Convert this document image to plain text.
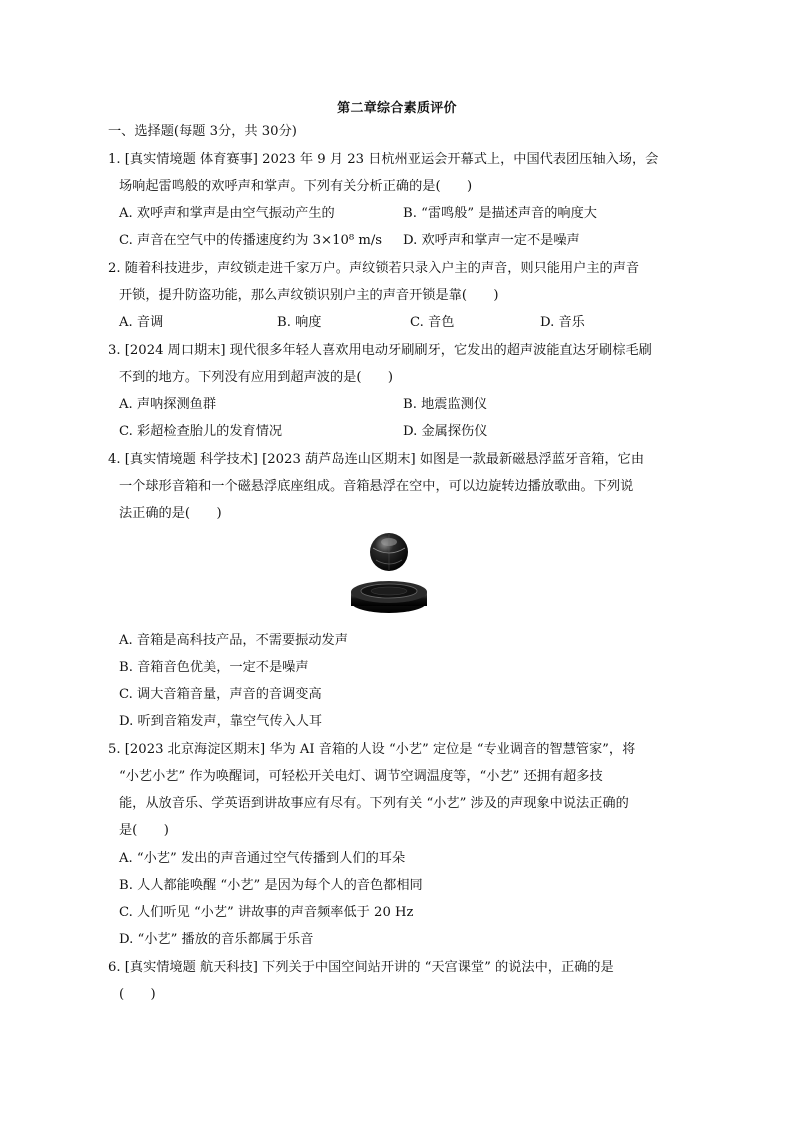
第二章综合素质评价
一、选择题(每题 3分，共 30分)
1. [真实情境题 体育赛事] 2023 年 9 月 23 日杭州亚运会开幕式上，中国代表团压轴入场，会
场响起雷鸣般的欢呼声和掌声。下列有关分析正确的是(　　)
A. 欢呼声和掌声是由空气振动产生的	B. “雷鸣般” 是描述声音的响度大
C. 声音在空气中的传播速度约为 3×10⁸ m/s D. 欢呼声和掌声一定不是噪声
2. 随着科技进步，声纹锁走进千家万户。声纹锁若只录入户主的声音，则只能用户主的声音
开锁，提升防盗功能，那么声纹锁识别户主的声音开锁是靠(　　)
A. 音调	B. 响度	C. 音色	D. 音乐
3. [2024 周口期末] 现代很多年轻人喜欢用电动牙刷刷牙，它发出的超声波能直达牙刷棕毛刷
不到的地方。下列没有应用到超声波的是(　　)
A. 声呐探测鱼群	B. 地震监测仪
C. 彩超检查胎儿的发育情况	D. 金属探伤仪
4. [真实情境题 科学技术] [2023 葫芦岛连山区期末] 如图是一款最新磁悬浮蓝牙音箱，它由
一个球形音箱和一个磁悬浮底座组成。音箱悬浮在空中，可以边旋转边播放歌曲。下列说
法正确的是(　　)
A. 音箱是高科技产品，不需要振动发声
B. 音箱音色优美，一定不是噪声
C. 调大音箱音量，声音的音调变高
D. 听到音箱发声，靠空气传入人耳
5. [2023 北京海淀区期末] 华为 AI 音箱的人设 “小艺” 定位是 “专业调音的智慧管家”，将
“小艺小艺” 作为唤醒词，可轻松开关电灯、调节空调温度等，“小艺” 还拥有超多技
能，从放音乐、学英语到讲故事应有尽有。下列有关 “小艺” 涉及的声现象中说法正确的
是(　　)
A. “小艺” 发出的声音通过空气传播到人们的耳朵
B. 人人都能唤醒 “小艺” 是因为每个人的音色都相同
C. 人们听见 “小艺” 讲故事的声音频率低于 20 Hz
D. “小艺” 播放的音乐都属于乐音
6. [真实情境题 航天科技] 下列关于中国空间站开讲的 “天宫课堂” 的说法中，正确的是
(　　)
